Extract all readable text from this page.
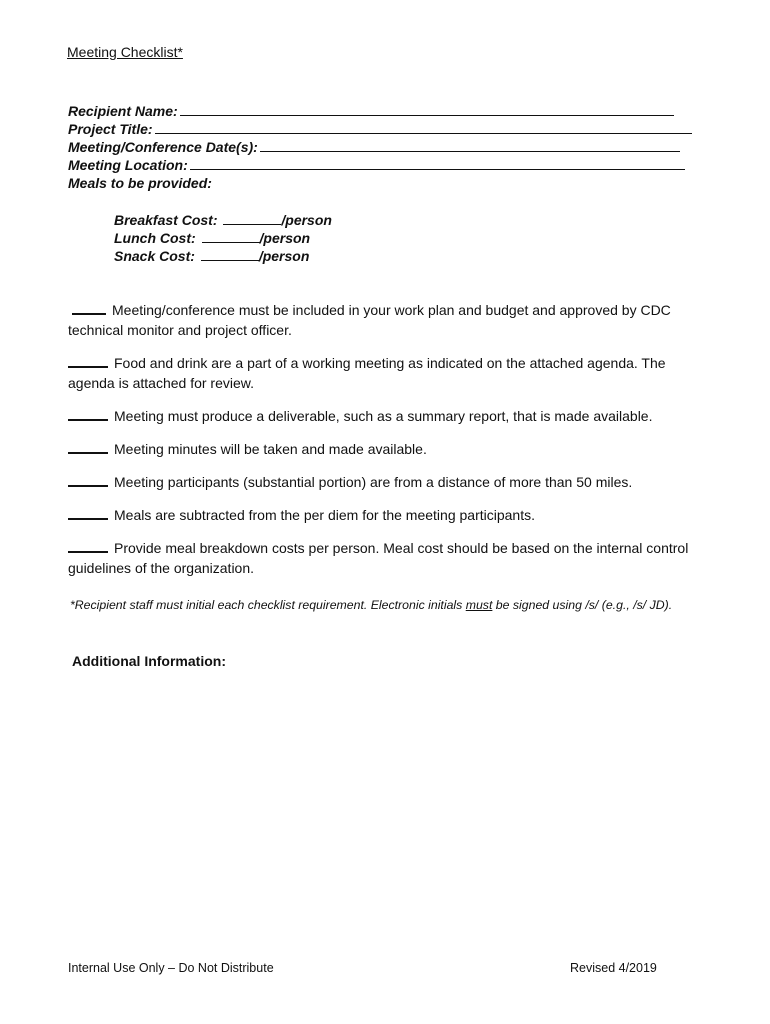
Meeting Checklist*
Recipient Name:
Project Title:
Meeting/Conference Date(s):
Meeting Location:
Meals to be provided:
Breakfast Cost:	/person
Lunch Cost:	/person
Snack Cost:	/person
Meeting/conference must be included in your work plan and budget and approved by CDC technical monitor and project officer.
Food and drink are a part of a working meeting as indicated on the attached agenda. The agenda is attached for review.
Meeting must produce a deliverable, such as a summary report, that is made available.
Meeting minutes will be taken and made available.
Meeting participants (substantial portion) are from a distance of more than 50 miles.
Meals are subtracted from the per diem for the meeting participants.
Provide meal breakdown costs per person. Meal cost should be based on the internal control guidelines of the organization.
*Recipient staff must initial each checklist requirement. Electronic initials must be signed using /s/ (e.g., /s/ JD).
Additional Information:
Internal Use Only – Do Not Distribute	Revised 4/2019
